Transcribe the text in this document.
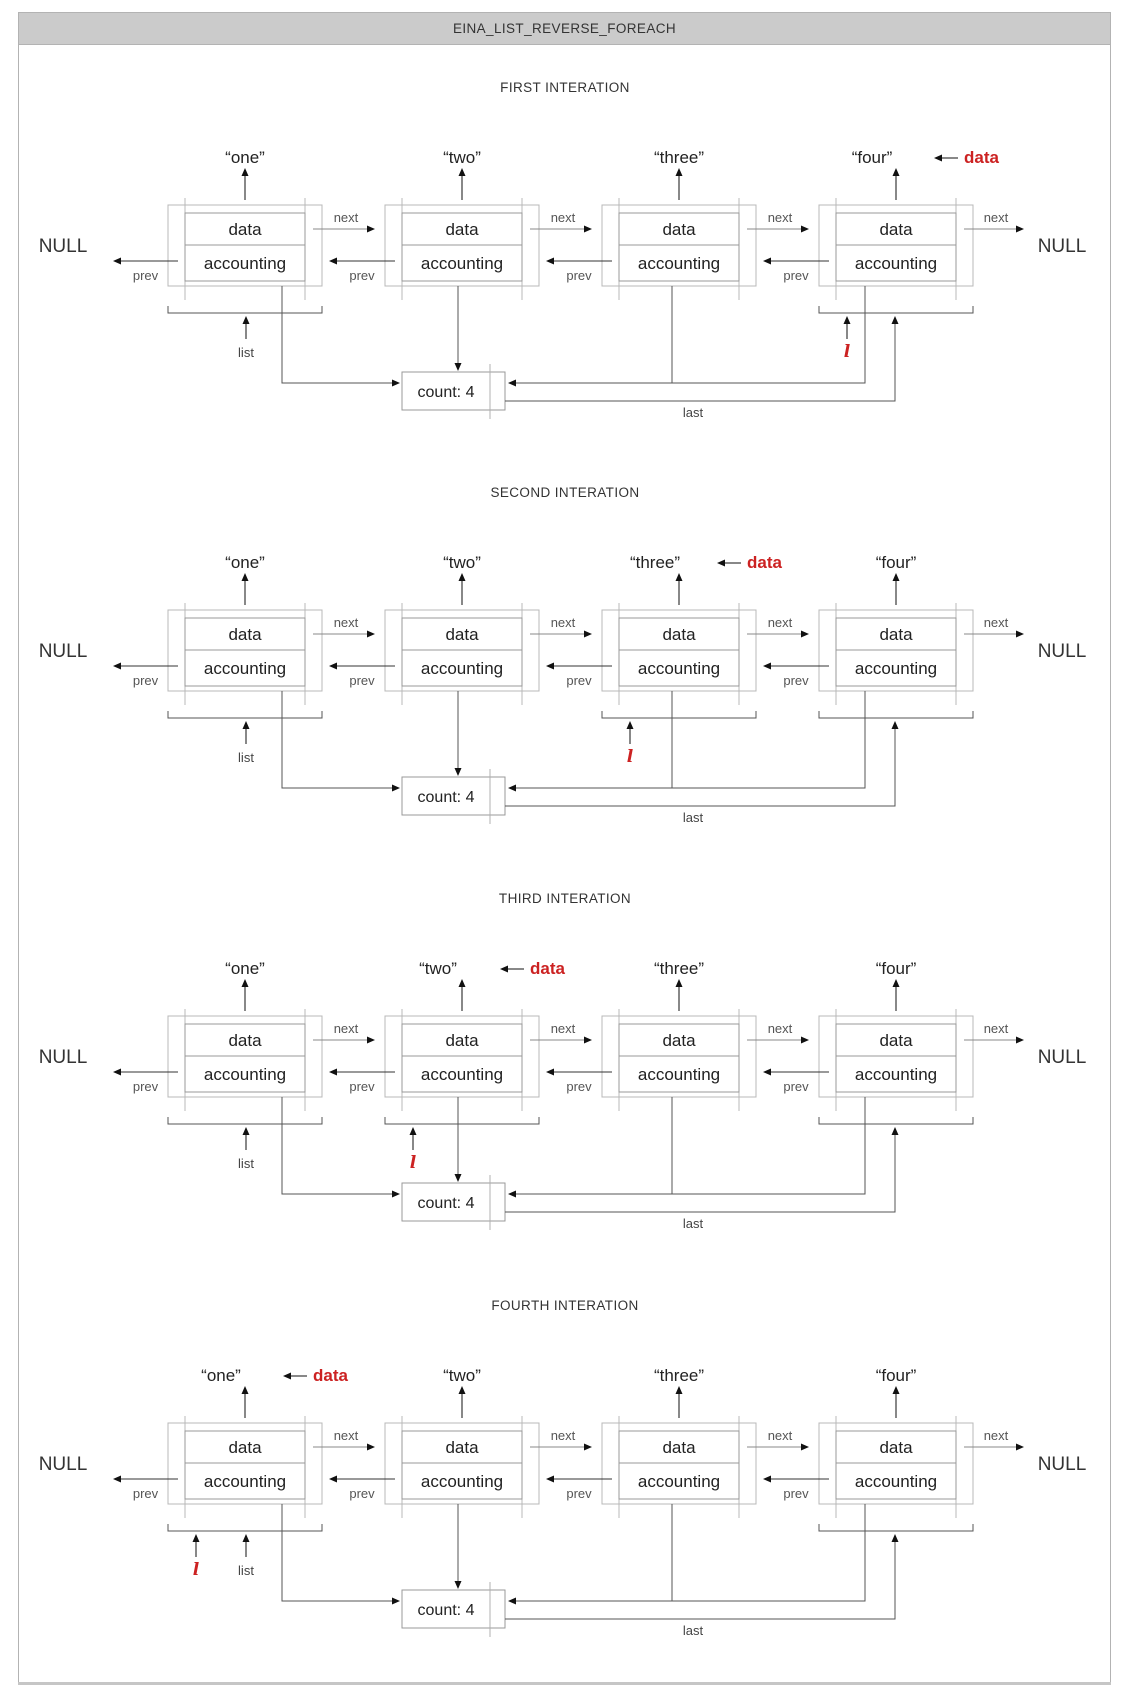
EINA_LIST_REVERSE_FOREACH
FIRST INTERATION
NULL	NULL
data
accounting
“one”
next
prev
data
accounting
“two”
next
prev
data
accounting
“three”
next
prev
data
accounting
“four”	data
next
prev
list	l
count: 4
last
SECOND INTERATION
NULL	NULL
data
accounting
“one”
next
prev
data
accounting
“two”
next
prev
data
accounting
“three”	data
next
prev
data
accounting
“four”
next
prev
list	l
count: 4
last
THIRD INTERATION
NULL	NULL
data
accounting
“one”
next
prev
data
accounting
“two”	data
next
prev
data
accounting
“three”
next
prev
data
accounting
“four”
next
prev
list	l
count: 4
last
FOURTH INTERATION
NULL	NULL
data
accounting
“one”	data
next
prev
data
accounting
“two”
next
prev
data
accounting
“three”
next
prev
data
accounting
“four”
next
prev
list
l
count: 4
last
